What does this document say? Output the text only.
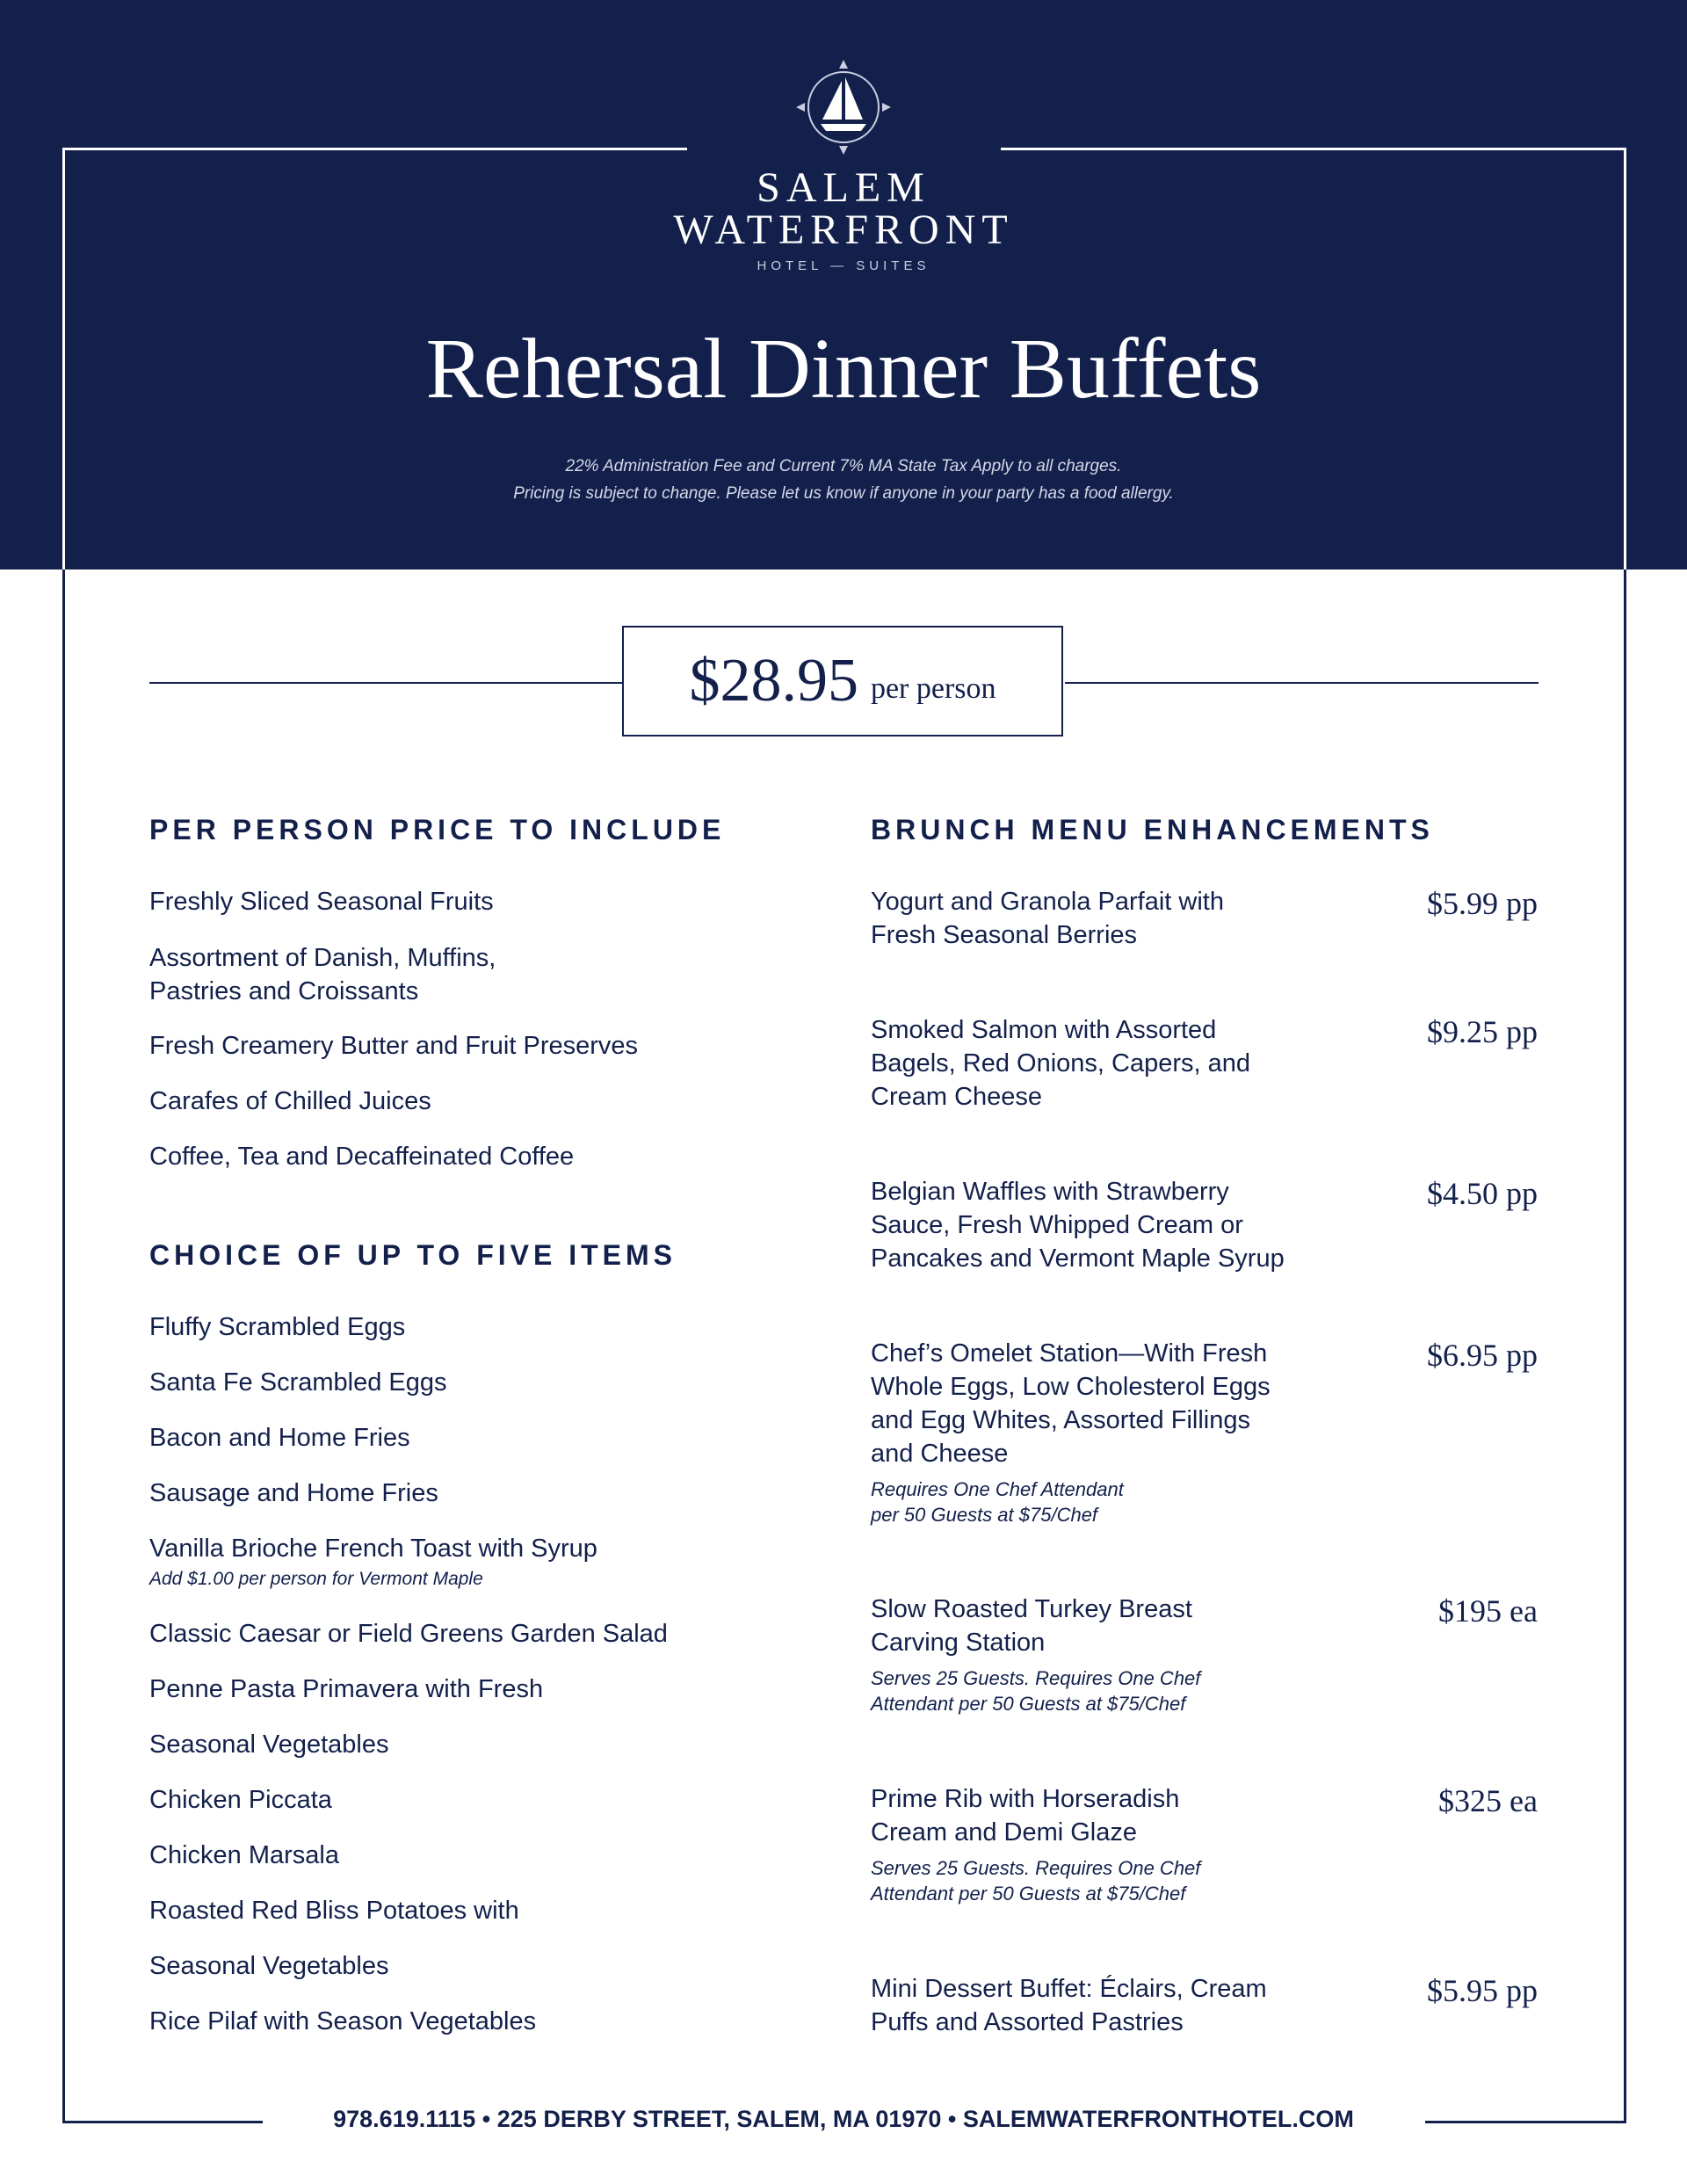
SALEM
WATERFRONT
HOTEL — SUITES
Rehersal Dinner Buffets
22% Administration Fee and Current 7% MA State Tax Apply to all charges.
Pricing is subject to change. Please let us know if anyone in your party has a food allergy.
$28.95 per person
PER PERSON PRICE TO INCLUDE
Freshly Sliced Seasonal Fruits
Assortment of Danish, Muffins,
Pastries and Croissants
Fresh Creamery Butter and Fruit Preserves
Carafes of Chilled Juices
Coffee, Tea and Decaffeinated Coffee
CHOICE OF UP TO FIVE ITEMS
Fluffy Scrambled Eggs
Santa Fe Scrambled Eggs
Bacon and Home Fries
Sausage and Home Fries
Vanilla Brioche French Toast with Syrup
Add $1.00 per person for Vermont Maple
Classic Caesar or Field Greens Garden Salad
Penne Pasta Primavera with Fresh
Seasonal Vegetables
Chicken Piccata
Chicken Marsala
Roasted Red Bliss Potatoes with
Seasonal Vegetables
Rice Pilaf with Season Vegetables
BRUNCH MENU ENHANCEMENTS
Yogurt and Granola Parfait with
Fresh Seasonal Berries
$5.99 pp
Smoked Salmon with Assorted
Bagels, Red Onions, Capers, and
Cream Cheese
$9.25 pp
Belgian Waffles with Strawberry
Sauce, Fresh Whipped Cream or
Pancakes and Vermont Maple Syrup
$4.50 pp
Chef’s Omelet Station—With Fresh
Whole Eggs, Low Cholesterol Eggs
and Egg Whites, Assorted Fillings
and Cheese
Requires One Chef Attendant
per 50 Guests at $75/Chef
$6.95 pp
Slow Roasted Turkey Breast
Carving Station
Serves 25 Guests. Requires One Chef
Attendant per 50 Guests at $75/Chef
$195 ea
Prime Rib with Horseradish
Cream and Demi Glaze
Serves 25 Guests. Requires One Chef
Attendant per 50 Guests at $75/Chef
$325 ea
Mini Dessert Buffet: Éclairs, Cream
Puffs and Assorted Pastries
$5.95 pp
978.619.1115 • 225 DERBY STREET, SALEM, MA 01970 • SALEMWATERFRONTHOTEL.COM
